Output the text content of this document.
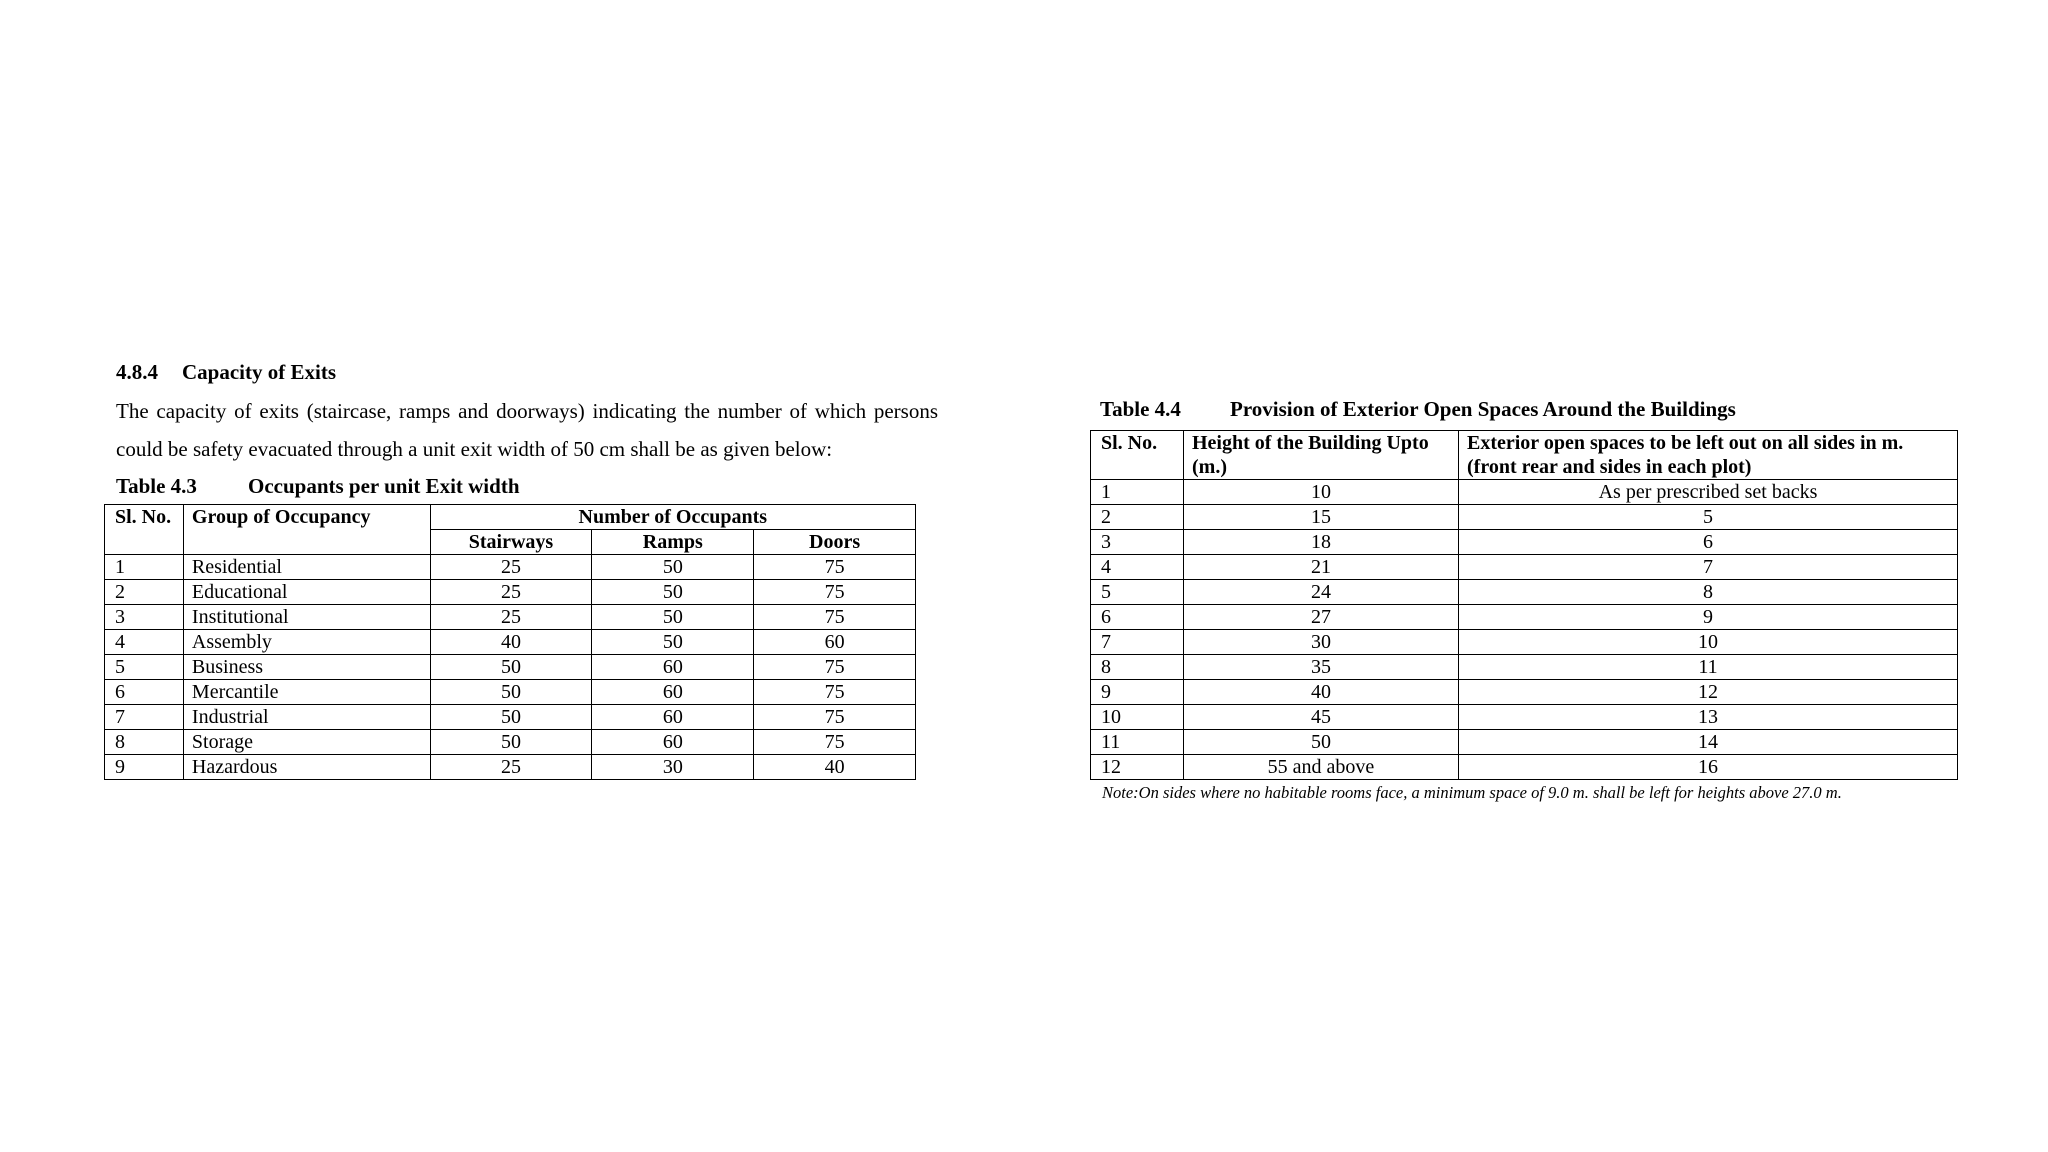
4.8.4 Capacity of Exits

The capacity of exits (staircase, ramps and doorways) indicating the number of which persons could be safety evacuated through a unit exit width of 50 cm shall be as given below:

Table 4.3 Occupants per unit Exit width
Sl. No.	Group of Occupancy	Number of Occupants		
		Stairways	Ramps	Doors
1	Residential	25	50	75
2	Educational	25	50	75
3	Institutional	25	50	75
4	Assembly	40	50	60
5	Business	50	60	75
6	Mercantile	50	60	75
7	Industrial	50	60	75
8	Storage	50	60	75
9	Hazardous	25	30	40
Table 4.4 Provision of Exterior Open Spaces Around the Buildings
Sl. No.	Height of the Building Upto (m.)	Exterior open spaces to be left out on all sides in m. (front rear and sides in each plot)
1	10	As per prescribed set backs
2	15	5
3	18	6
4	21	7
5	24	8
6	27	9
7	30	10
8	35	11
9	40	12
10	45	13
11	50	14
12	55 and above	16
Note:On sides where no habitable rooms face, a minimum space of 9.0 m. shall be left for heights above 27.0 m.
